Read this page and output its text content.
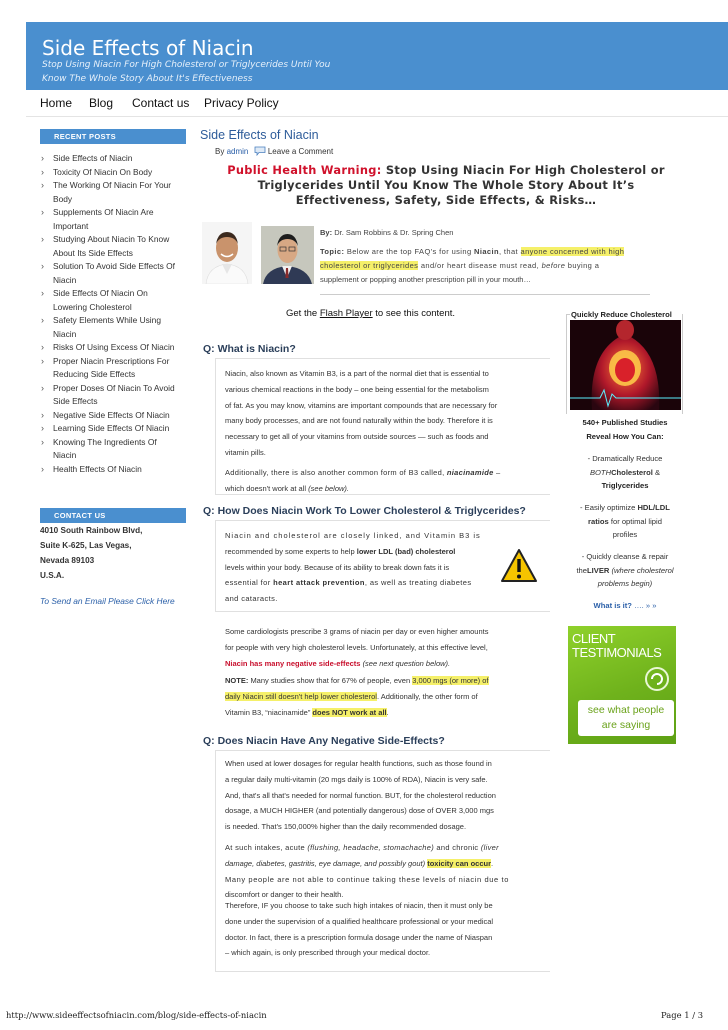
Side Effects of Niacin
Stop Using Niacin For High Cholesterol or Triglycerides Until You
Know The Whole Story About It's Effectiveness
Home Blog Contact us Privacy Policy
RECENT POSTS
› Side Effects of Niacin
› Toxicity Of Niacin On Body
› The Working Of Niacin For Your
Body
› Supplements Of Niacin Are
Important
› Studying About Niacin To Know
About Its Side Effects
› Solution To Avoid Side Effects Of
Niacin
› Side Effects Of Niacin On
Lowering Cholesterol
› Safety Elements While Using
Niacin
› Risks Of Using Excess Of Niacin
› Proper Niacin Prescriptions For
Reducing Side Effects
› Proper Doses Of Niacin To Avoid
Side Effects
› Negative Side Effects Of Niacin
› Learning Side Effects Of Niacin
› Knowing The Ingredients Of
Niacin
› Health Effects Of Niacin
CONTACT US
4010 South Rainbow Blvd,
Suite K-625, Las Vegas,
Nevada 89103
U.S.A.
To Send an Email Please Click Here
Side Effects of Niacin
By admin Leave a Comment
Public Health Warning: Stop Using Niacin For High Cholesterol or
Triglycerides Until You Know The Whole Story About It’s
Effectiveness, Safety, Side Effects, & Risks…
By: Dr. Sam Robbins & Dr. Spring Chen
Topic: Below are the top FAQ's for using Niacin, that anyone concerned with high
cholesterol or triglycerides and/or heart disease must read, before buying a
supplement or popping another prescription pill in your mouth…
Get the Flash Player to see this content.
Q: What is Niacin?
Niacin, also known as Vitamin B3, is a part of the normal diet that is essential to
various chemical reactions in the body – one being essential for the metabolism
of fat. As you may know, vitamins are important compounds that are necessary for
many body processes, and are not found naturally within the body. Therefore it is
necessary to get all of your vitamins from outside sources — such as foods and
vitamin pills.
Additionally, there is also another common form of B3 called, niacinamide –
which doesn't work at all (see below).
Quickly Reduce Cholesterol
540+ Published Studies
Reveal How You Can:
- Dramatically Reduce
BOTHCholesterol &
Triglycerides
- Easily optimize HDL/LDL
ratios for optimal lipid
profiles
- Quickly cleanse & repair
theLIVER (where cholesterol
problems begin)
What is it? …. » »
CLIENT
TESTIMONIALS
see what people
are saying
Q: How Does Niacin Work To Lower Cholesterol & Triglycerides?
Niacin and cholesterol are closely linked, and Vitamin B3 is
recommended by some experts to help lower LDL (bad) cholesterol
levels within your body. Because of its ability to break down fats it is
essential for heart attack prevention, as well as treating diabetes
and cataracts.
Some cardiologists prescribe 3 grams of niacin per day or even higher amounts
for people with very high cholesterol levels. Unfortunately, at this effective level,
Niacin has many negative side-effects (see next question below).
NOTE: Many studies show that for 67% of people, even 3,000 mgs (or more) of
daily Niacin still doesn't help lower cholesterol. Additionally, the other form of
Vitamin B3, “niacinamide” does NOT work at all.
Q: Does Niacin Have Any Negative Side-Effects?
When used at lower dosages for regular health functions, such as those found in
a regular daily multi-vitamin (20 mgs daily is 100% of RDA), Niacin is very safe.
And, that's all that's needed for normal function. BUT, for the cholesterol reduction
dosage, a MUCH HIGHER (and potentially dangerous) dose of OVER 3,000 mgs
is needed. That's 150,000% higher than the daily recommended dosage.
At such intakes, acute (flushing, headache, stomachache) and chronic (liver
damage, diabetes, gastritis, eye damage, and possibly gout) toxicity can occur.
Many people are not able to continue taking these levels of niacin due to
discomfort or danger to their health.
Therefore, IF you choose to take such high intakes of niacin, then it must only be
done under the supervision of a qualified healthcare professional or your medical
doctor. In fact, there is a prescription formula dosage under the name of Niaspan
– which again, is only prescribed through your medical doctor.
http://www.sideeffectsofniacin.com/blog/side-effects-of-niacin	Page 1 / 3
